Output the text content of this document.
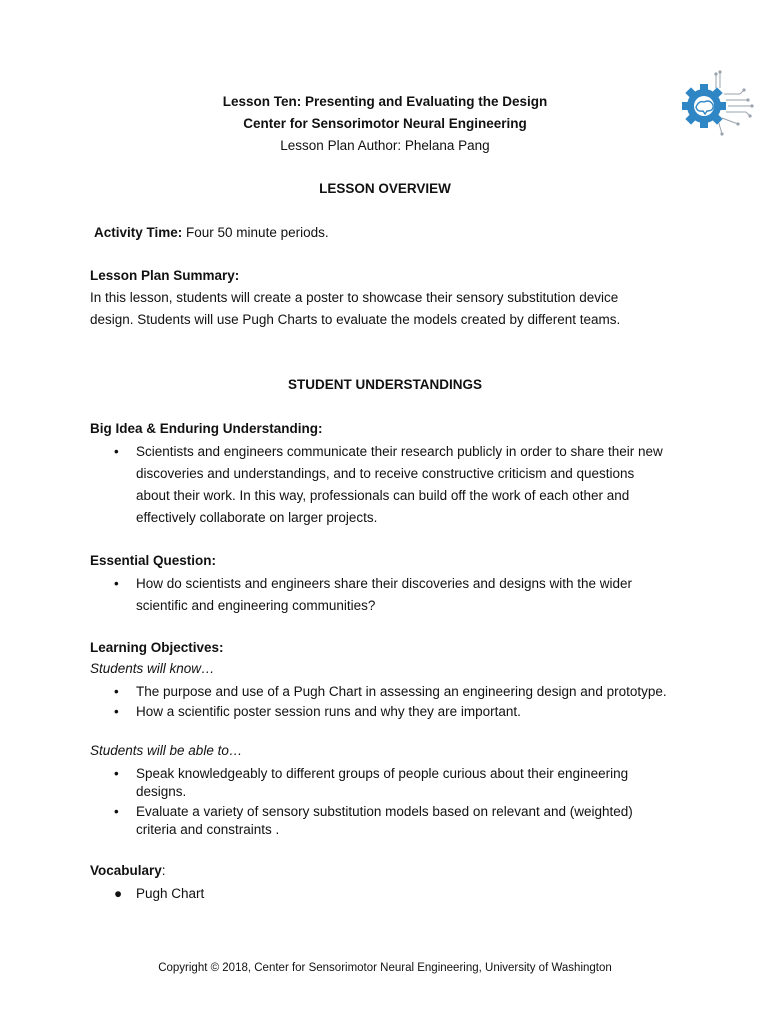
Lesson Ten: Presenting and Evaluating the Design
Center for Sensorimotor Neural Engineering
Lesson Plan Author: Phelana Pang
LESSON OVERVIEW
Activity Time: Four 50 minute periods.
Lesson Plan Summary:
In this lesson, students will create a poster to showcase their sensory substitution device
design. Students will use Pugh Charts to evaluate the models created by different teams.
STUDENT UNDERSTANDINGS
Big Idea & Enduring Understanding:
• Scientists and engineers communicate their research publicly in order to share their new
discoveries and understandings, and to receive constructive criticism and questions
about their work. In this way, professionals can build off the work of each other and
effectively collaborate on larger projects.
Essential Question:
• How do scientists and engineers share their discoveries and designs with the wider
scientific and engineering communities?
Learning Objectives:
Students will know…
• The purpose and use of a Pugh Chart in assessing an engineering design and prototype.
• How a scientific poster session runs and why they are important.
Students will be able to…
• Speak knowledgeably to different groups of people curious about their engineering
designs.
• Evaluate a variety of sensory substitution models based on relevant and (weighted)
criteria and constraints .
Vocabulary:
● Pugh Chart
Copyright © 2018, Center for Sensorimotor Neural Engineering, University of Washington
